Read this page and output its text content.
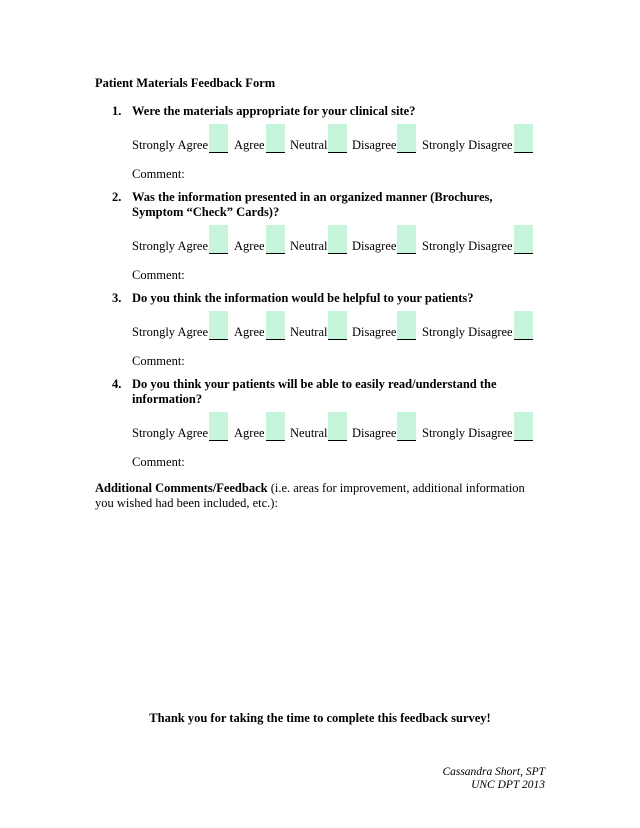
Patient Materials Feedback Form
1. Were the materials appropriate for your clinical site?
Strongly Agree Agree Neutral Disagree Strongly Disagree
Comment:
2. Was the information presented in an organized manner (Brochures, Symptom “Check” Cards)?
Strongly Agree Agree Neutral Disagree Strongly Disagree
Comment:
3. Do you think the information would be helpful to your patients?
Strongly Agree Agree Neutral Disagree Strongly Disagree
Comment:
4. Do you think your patients will be able to easily read/understand the information?
Strongly Agree Agree Neutral Disagree Strongly Disagree
Comment:
Additional Comments/Feedback (i.e. areas for improvement, additional information you wished had been included, etc.):
Thank you for taking the time to complete this feedback survey!
Cassandra Short, SPT
UNC DPT 2013
